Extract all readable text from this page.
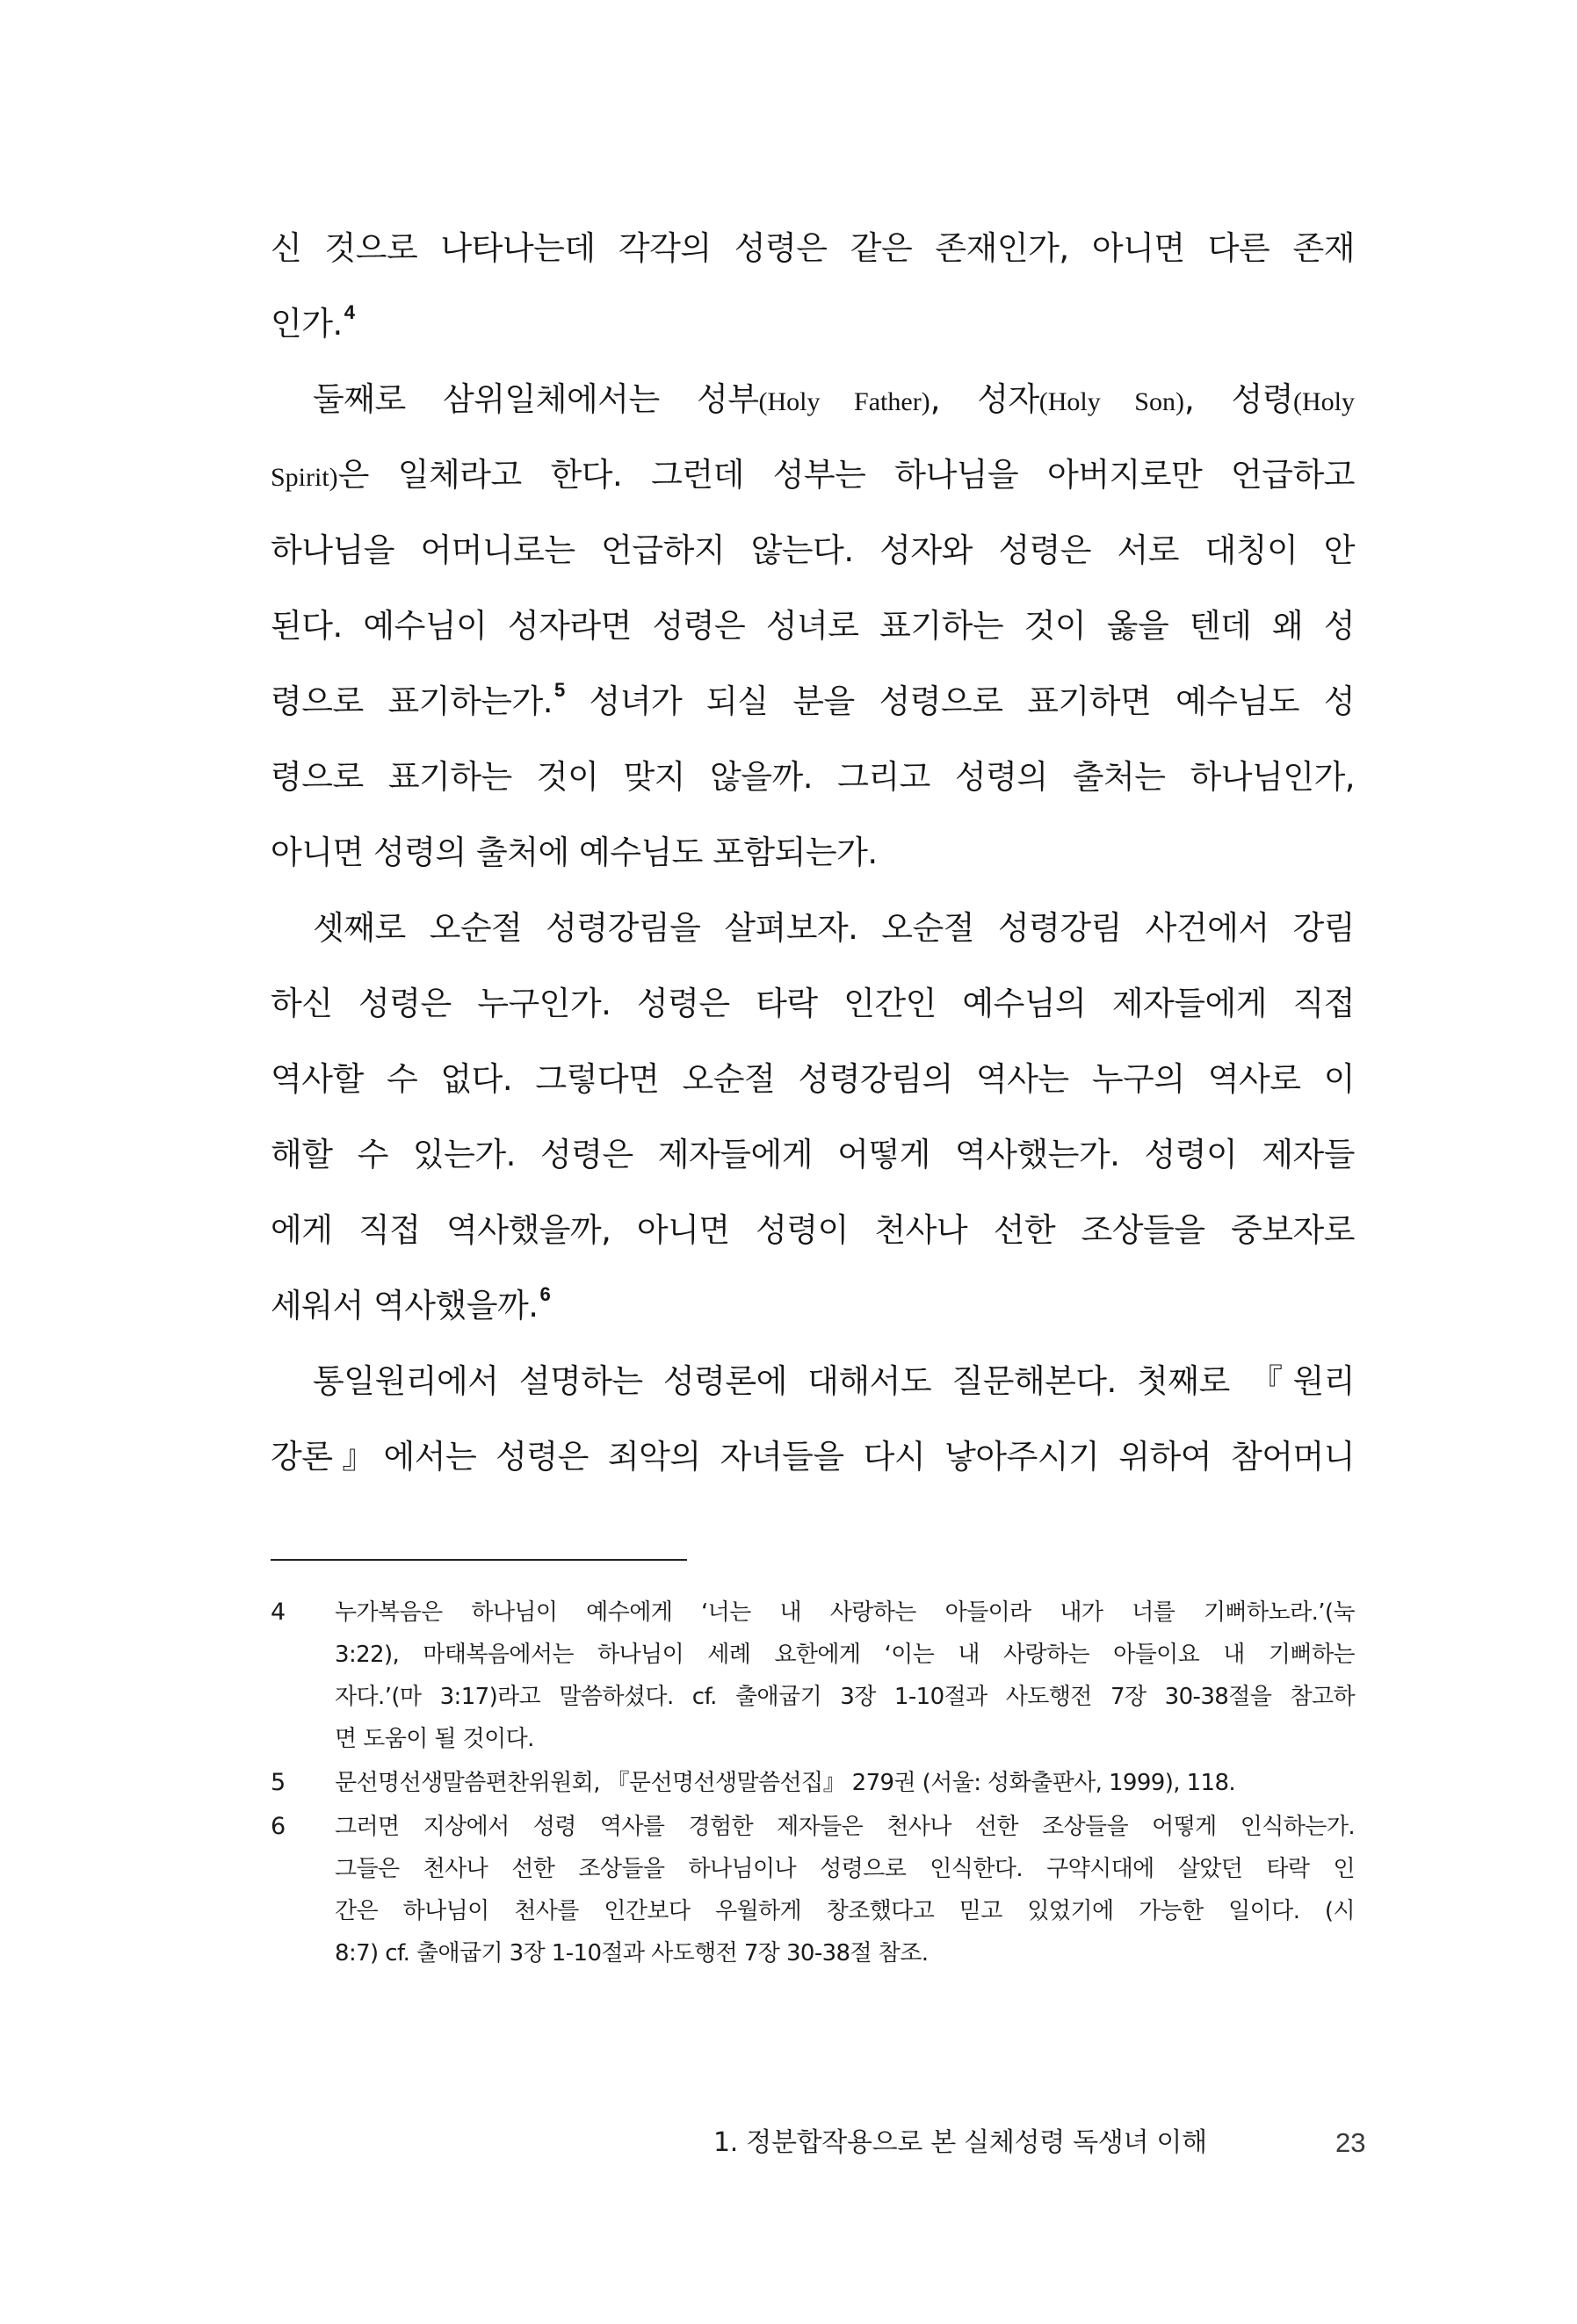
신 것으로 나타나는데 각각의 성령은 같은 존재인가, 아니면 다른 존재
인가.$^4$
둘째로 삼위일체에서는 성부(Holy Father), 성자(Holy Son), 성령(Holy
Spirit)은 일체라고 한다. 그런데 성부는 하나님을 아버지로만 언급하고
하나님을 어머니로는 언급하지 않는다. 성자와 성령은 서로 대칭이 안
된다. 예수님이 성자라면 성령은 성녀로 표기하는 것이 옳을 텐데 왜 성
령으로 표기하는가.$^5$ 성녀가 되실 분을 성령으로 표기하면 예수님도 성
령으로 표기하는 것이 맞지 않을까. 그리고 성령의 출처는 하나님인가,
아니면 성령의 출처에 예수님도 포함되는가.
셋째로 오순절 성령강림을 살펴보자. 오순절 성령강림 사건에서 강림
하신 성령은 누구인가. 성령은 타락 인간인 예수님의 제자들에게 직접
역사할 수 없다. 그렇다면 오순절 성령강림의 역사는 누구의 역사로 이
해할 수 있는가. 성령은 제자들에게 어떻게 역사했는가. 성령이 제자들
에게 직접 역사했을까, 아니면 성령이 천사나 선한 조상들을 중보자로
세워서 역사했을까.$^6$
통일원리에서 설명하는 성령론에 대해서도 질문해본다. 첫째로 『원리
강론』에서는 성령은 죄악의 자녀들을 다시 낳아주시기 위하여 참어머니
4	누가복음은 하나님이 예수에게 ‘너는 내 사랑하는 아들이라 내가 너를 기뻐하노라.’(눅
3:22), 마태복음에서는 하나님이 세례 요한에게 ‘이는 내 사랑하는 아들이요 내 기뻐하는
자다.’(마 3:17)라고 말씀하셨다. cf. 출애굽기 3장 1-10절과 사도행전 7장 30-38절을 참고하
면 도움이 될 것이다.
5	문선명선생말씀편찬위원회, 『문선명선생말씀선집』 279권 (서울: 성화출판사, 1999), 118.
6	그러면 지상에서 성령 역사를 경험한 제자들은 천사나 선한 조상들을 어떻게 인식하는가.
그들은 천사나 선한 조상들을 하나님이나 성령으로 인식한다. 구약시대에 살았던 타락 인
간은 하나님이 천사를 인간보다 우월하게 창조했다고 믿고 있었기에 가능한 일이다. (시
8:7) cf. 출애굽기 3장 1-10절과 사도행전 7장 30-38절 참조.
1. 정분합작용으로 본 실체성령 독생녀 이해	23
